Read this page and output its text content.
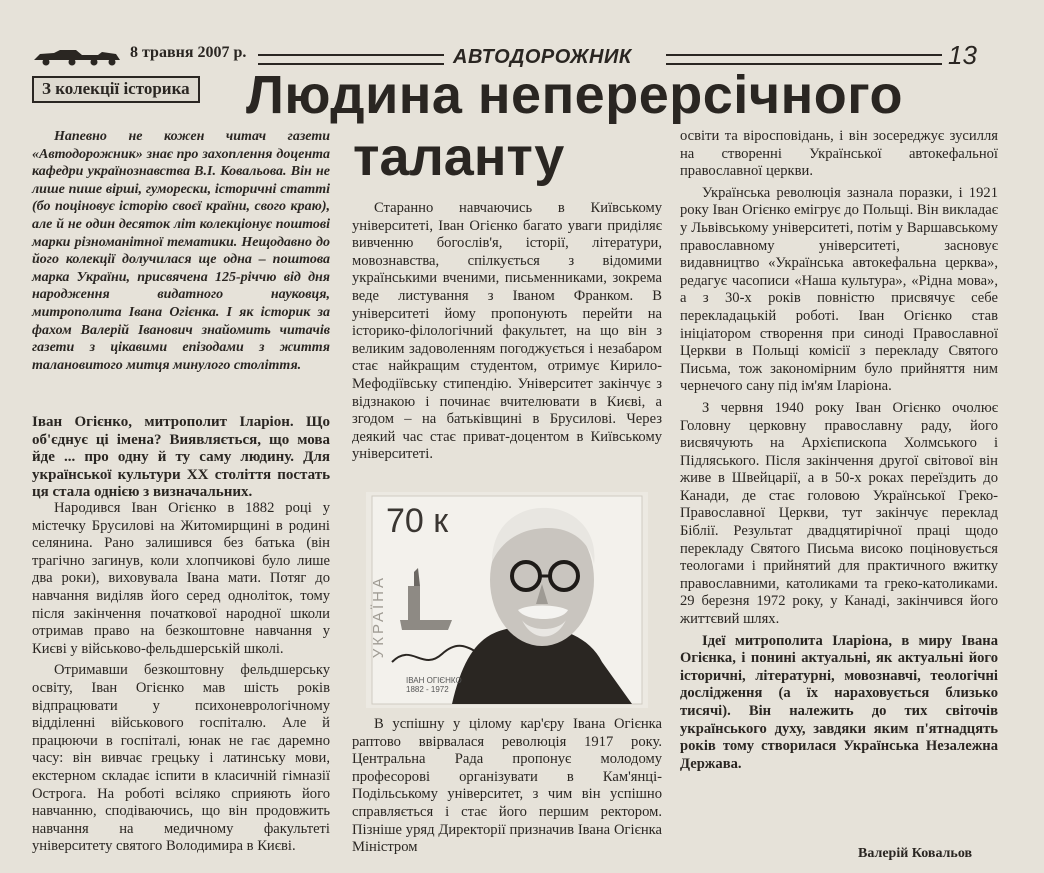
8 травня 2007 р.	АВТОДОРОЖНИК	13
З колекції історика Людина неперерсічного
таланту

Напевно не кожен читач газети «Автодорожник» знає про захоплення доцента кафедри українознавства В.І. Ковальова. Він не лише пише вірші, гуморески, історичні статті (бо поціновує історію своєї країни, свого краю), але й не один десяток літ колекціонує поштові марки різноманітної тематики. Нещодавно до його колекції долучилася ще одна – поштова марка України, присвячена 125-річчю від дня народження видатного науковця, митрополита Івана Огієнка. І як історик за фахом Валерій Іванович знайомить читачів газети з цікавими епізодами з життя талановитого митця минулого століття.

Іван Огієнко, митрополит Іларіон. Що об'єднує ці імена? Виявляється, що мова йде ... про одну й ту саму людину. Для української культури XX століття постать ця стала однією з визначальних.

Народився Іван Огієнко в 1882 році у містечку Брусилові на Житомирщині в родині селянина. Рано залишився без батька (він трагічно загинув, коли хлопчикові було лише два роки), виховувала Івана мати. Потяг до навчання виділяв його серед одноліток, тому після закінчення початкової народної школи отримав право на безкоштовне навчання у Києві у військово-фельдшерській школі.

Отримавши безкоштовну фельдшерську освіту, Іван Огієнко мав шість років відпрацювати у психоневрологічному відділенні військового госпіталю. Але й працюючи в госпіталі, юнак не гає даремно часу: він вивчає грецьку і латинську мови, екстерном складає іспити в класичній гімназії Острога. На роботі всіляко сприяють його навчанню, сподіваючись, що він продовжить навчання на медичному факультеті університету святого Володимира в Києві.

Старанно навчаючись в Київському університеті, Іван Огієнко багато уваги приділяє вивченню богослів'я, історії, літератури, мовознавства, спілкується з відомими українськими вченими, письменниками, зокрема веде листування з Іваном Франком. В університеті йому пропонують перейти на історико-філологічний факультет, на що він з великим задоволенням погоджується і незабаром стає найкращим студентом, отримує Кирило-Мефодіївську стипендію. Університет закінчує з відзнакою і починає вчителювати в Києві, а згодом – на батьківщині в Брусилові. Через деякий час стає приват-доцентом в Київському університеті.

70 к
УКРАЇНА
ІВАН ОГІЄНКО
1882 - 1972

В успішну у цілому кар'єру Івана Огієнка раптово ввірвалася революція 1917 року. Центральна Рада пропонує молодому професорові організувати в Кам'янці-Подільському університет, з чим він успішно справляється і стає його першим ректором. Пізніше уряд Директорії призначив Івана Огієнка Міністром

освіти та віросповідань, і він зосереджує зусилля на створенні Української автокефальної православної церкви.

Українська революція зазнала поразки, і 1921 року Іван Огієнко емігрує до Польщі. Він викладає у Львівському університеті, потім у Варшавському православному університеті, засновує видавництво «Українська автокефальна церква», редагує часописи «Наша культура», «Рідна мова», а з 30-х років повністю присвячує себе перекладацькій роботі. Іван Огієнко став ініціатором створення при синоді Православної Церкви в Польщі комісії з перекладу Святого Письма, тож закономірним було прийняття ним чернечого сану під ім'ям Іларіона.

З червня 1940 року Іван Огієнко очолює Головну церковну православну раду, його висвячують на Архієпископа Холмського і Підляського. Після закінчення другої світової він живе в Швейцарії, а в 50-х роках переїздить до Канади, де стає головою Української Греко-Православної Церкви, тут закінчує переклад Біблії. Результат двадцятирічної праці щодо перекладу Святого Письма високо поціновується теологами і прийнятий для практичного вжитку православними, католиками та греко-католиками. 29 березня 1972 року, у Канаді, закінчився його життєвий шлях.

Ідеї митрополита Іларіона, в миру Івана Огієнка, і понині актуальні, як актуальні його історичні, літературні, мовознавчі, теологічні дослідження (а їх нараховується близько тисячі). Він належить до тих світочів українського духу, завдяки яким п'ятнадцять років тому створилася Українська Незалежна Держава.

Валерій Ковальов
